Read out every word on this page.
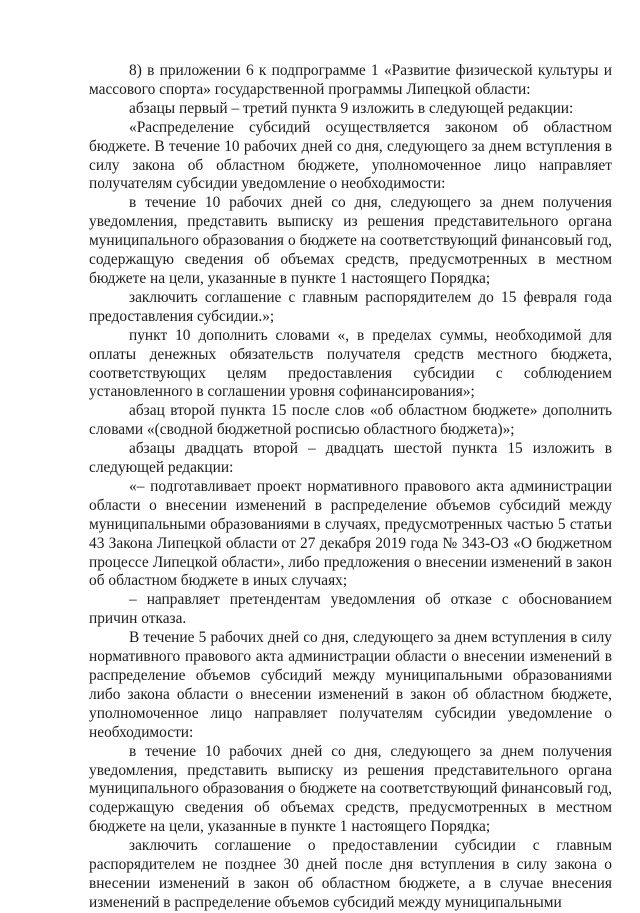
8) в приложении 6 к подпрограмме 1 «Развитие физической культуры и массового спорта» государственной программы Липецкой области:

абзацы первый – третий пункта 9 изложить в следующей редакции:

«Распределение субсидий осуществляется законом об областном бюджете. В течение 10 рабочих дней со дня, следующего за днем вступления в силу закона об областном бюджете, уполномоченное лицо направляет получателям субсидии уведомление о необходимости:

в течение 10 рабочих дней со дня, следующего за днем получения уведомления, представить выписку из решения представительного органа муниципального образования о бюджете на соответствующий финансовый год, содержащую сведения об объемах средств, предусмотренных в местном бюджете на цели, указанные в пункте 1 настоящего Порядка;

заключить соглашение с главным распорядителем до 15 февраля года предоставления субсидии.»;

пункт 10 дополнить словами «, в пределах суммы, необходимой для оплаты денежных обязательств получателя средств местного бюджета, соответствующих целям предоставления субсидии с соблюдением установленного в соглашении уровня софинансирования»;

абзац второй пункта 15 после слов «об областном бюджете» дополнить словами «(сводной бюджетной росписью областного бюджета)»;

абзацы двадцать второй – двадцать шестой пункта 15 изложить в следующей редакции:

«– подготавливает проект нормативного правового акта администрации области о внесении изменений в распределение объемов субсидий между муниципальными образованиями в случаях, предусмотренных частью 5 статьи 43 Закона Липецкой области от 27 декабря 2019 года № 343-ОЗ «О бюджетном процессе Липецкой области», либо предложения о внесении изменений в закон об областном бюджете в иных случаях;

– направляет претендентам уведомления об отказе с обоснованием причин отказа.

В течение 5 рабочих дней со дня, следующего за днем вступления в силу нормативного правового акта администрации области о внесении изменений в распределение объемов субсидий между муниципальными образованиями либо закона области о внесении изменений в закон об областном бюджете, уполномоченное лицо направляет получателям субсидии уведомление о необходимости:

в течение 10 рабочих дней со дня, следующего за днем получения уведомления, представить выписку из решения представительного органа муниципального образования о бюджете на соответствующий финансовый год, содержащую сведения об объемах средств, предусмотренных в местном бюджете на цели, указанные в пункте 1 настоящего Порядка;

заключить соглашение о предоставлении субсидии с главным распорядителем не позднее 30 дней после дня вступления в силу закона о внесении изменений в закон об областном бюджете, а в случае внесения изменений в распределение объемов субсидий между муниципальными
